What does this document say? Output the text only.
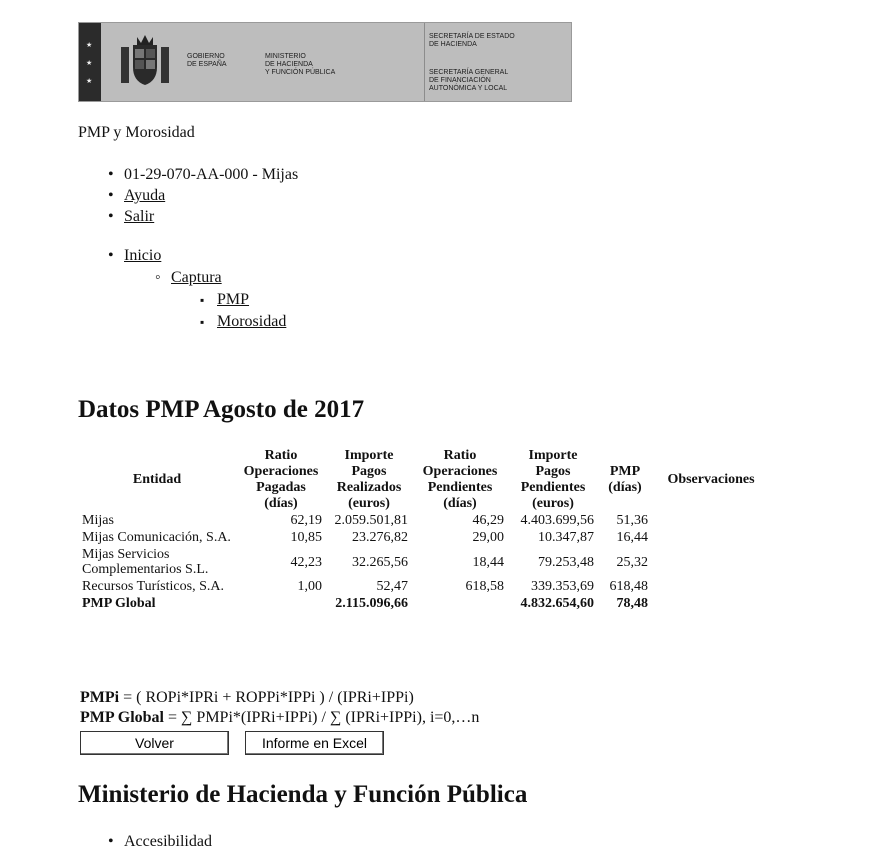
★
★
★
GOBIERNO
DE ESPAÑA
MINISTERIO
DE HACIENDA
Y FUNCIÓN PÚBLICA
SECRETARÍA DE ESTADO
DE HACIENDA
SECRETARÍA GENERAL
DE FINANCIACIÓN
AUTONÓMICA Y LOCAL
PMP y Morosidad
• 01-29-070-AA-000 - Mijas
• Ayuda
• Salir
• Inicio
◦ Captura
▪ PMP
▪ Morosidad
Datos PMP Agosto de 2017
Entidad	Ratio Operaciones Pagadas (días)	Importe Pagos Realizados (euros)	Ratio Operaciones Pendientes (días)	Importe Pagos Pendientes (euros)	PMP (días)	Observaciones
Mijas	62,19	2.059.501,81	46,29	4.403.699,56	51,36	
Mijas Comunicación, S.A.	10,85	23.276,82	29,00	10.347,87	16,44	
Mijas Servicios Complementarios S.L.	42,23	32.265,56	18,44	79.253,48	25,32	
Recursos Turísticos, S.A.	1,00	52,47	618,58	339.353,69	618,48	
PMP Global		2.115.096,66		4.832.654,60	78,48	
PMPi = ( ROPi*IPRi + ROPPi*IPPi ) / (IPRi+IPPi)
PMP Global = ∑ PMPi*(IPRi+IPPi) / ∑ (IPRi+IPPi), i=0,…n
Volver	Informe en Excel
Ministerio de Hacienda y Función Pública
• Accesibilidad
